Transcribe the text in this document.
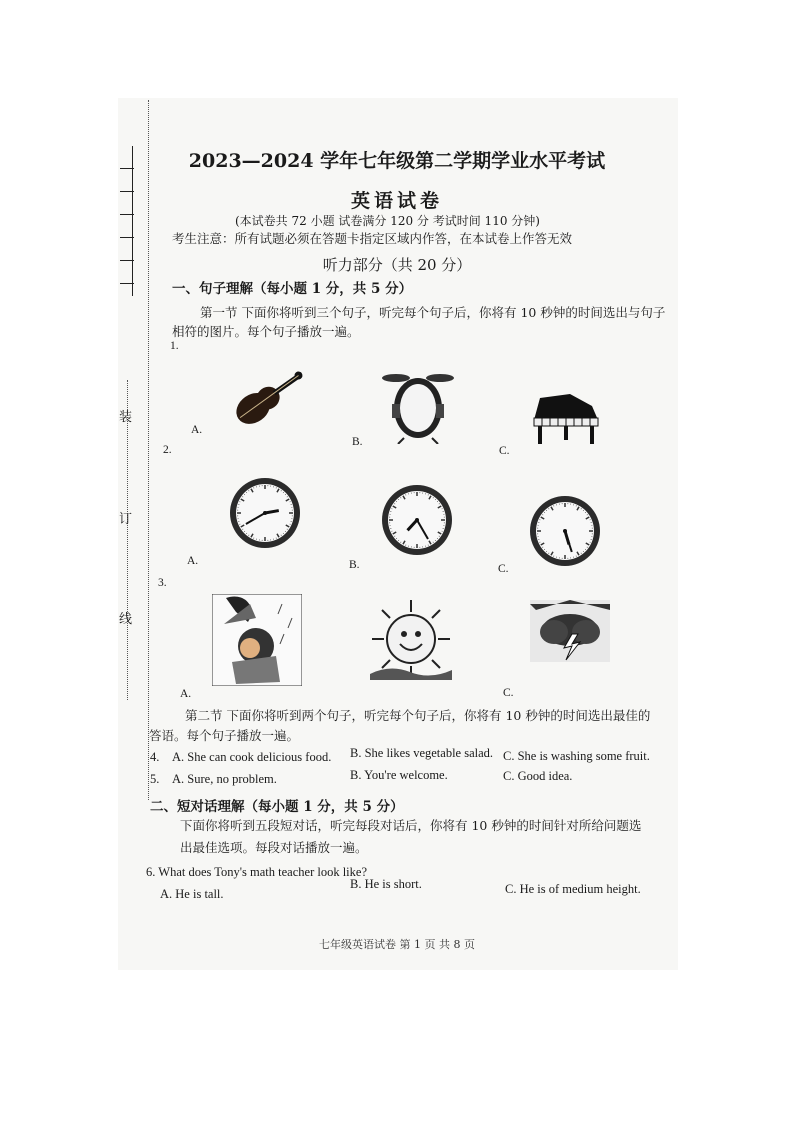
装
订
线
2023—2024 学年七年级第二学期学业水平考试
英语试卷
(本试卷共 72 小题 试卷满分 120 分 考试时间 110 分钟)
考生注意：所有试题必须在答题卡指定区域内作答，在本试卷上作答无效
听力部分（共 20 分）
一、句子理解（每小题 1 分，共 5 分）
第一节 下面你将听到三个句子，听完每个句子后，你将有 10 秒钟的时间选出与句子
相符的图片。每个句子播放一遍。
1.
A.
B.
C.
2.
A.	B.	C.
3.
A.	C.
第二节 下面你将听到两个句子，听完每个句子后，你将有 10 秒钟的时间选出最佳的
答语。每个句子播放一遍。
4. A. She can cook delicious food. B. She likes vegetable salad. C. She is washing some fruit.
5. A. Sure, no problem.	B. You're welcome.	C. Good idea.
二、短对话理解（每小题 1 分，共 5 分）
下面你将听到五段短对话，听完每段对话后，你将有 10 秒钟的时间针对所给问题选
出最佳选项。每段对话播放一遍。
6. What does Tony's math teacher look like?
A. He is tall.
B. He is short.	C. He is of medium height.
七年级英语试卷 第 1 页 共 8 页
